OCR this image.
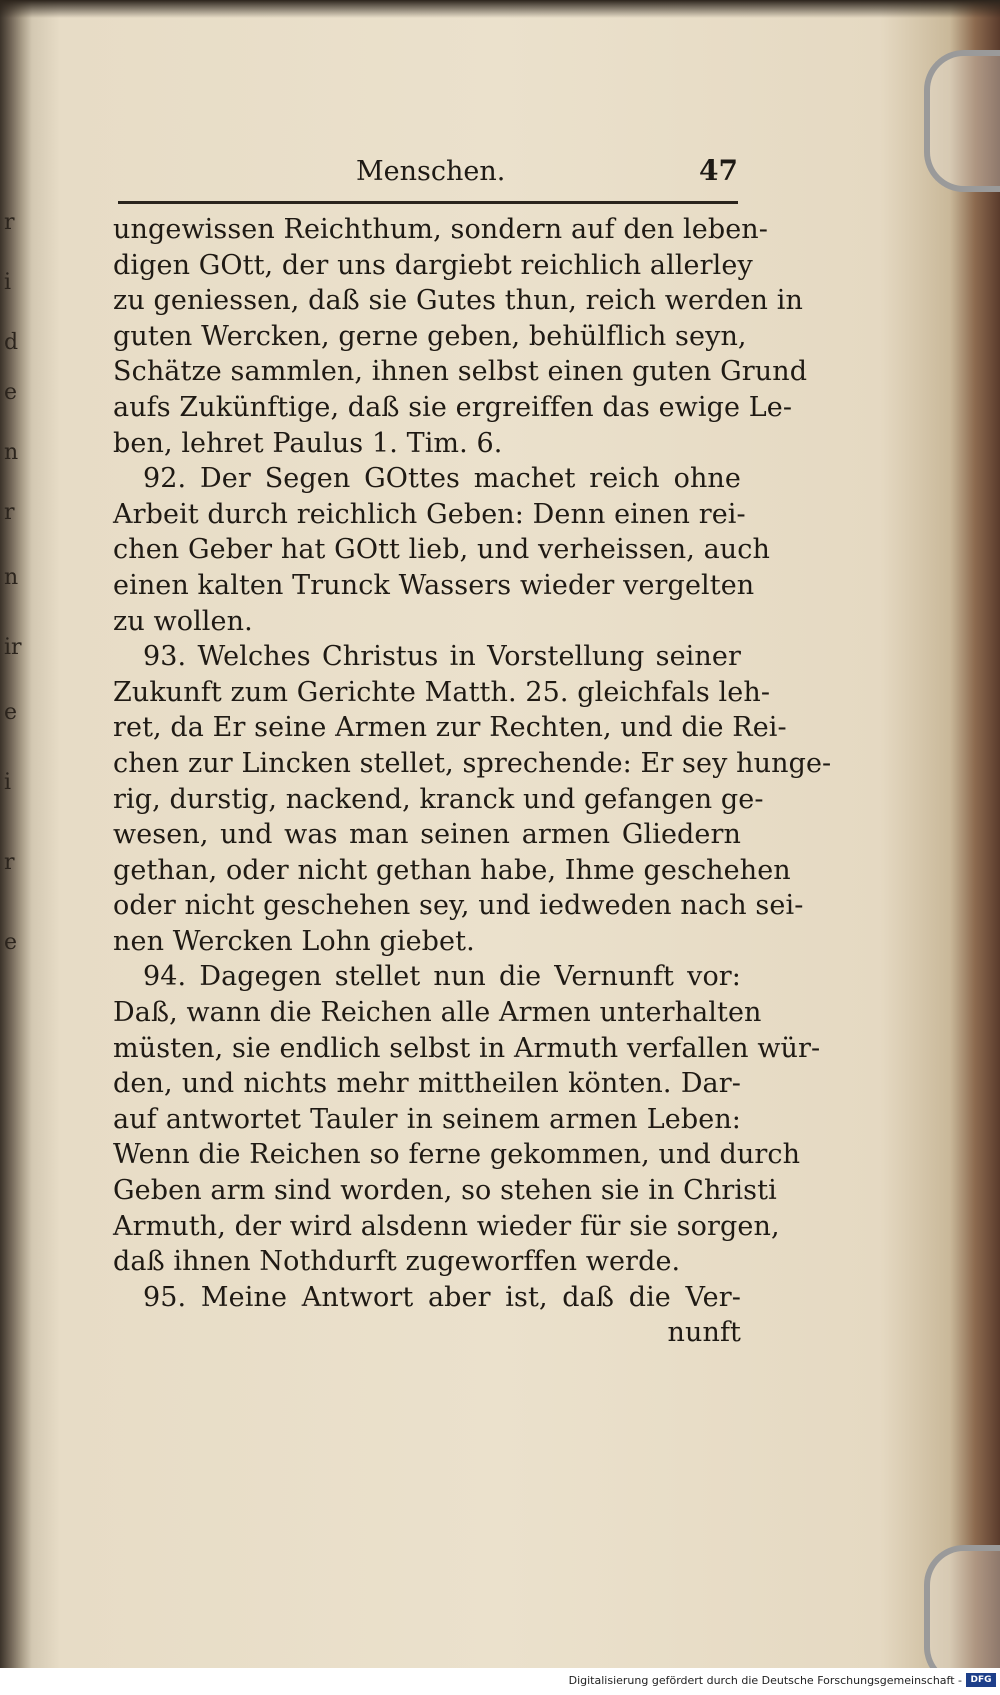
r
i
d
e
n
r
n
ir
e
i
r
e
Menschen.	47
ungewissen Reichthum, sondern auf den leben-
digen GOtt, der uns dargiebt reichlich allerley
zu geniessen, daß sie Gutes thun, reich werden in
guten Wercken, gerne geben, behülflich seyn,
Schätze sammlen, ihnen selbst einen guten Grund
aufs Zukünftige, daß sie ergreiffen das ewige Le-
ben, lehret Paulus 1. Tim. 6.
92. Der Segen GOttes machet reich ohne
Arbeit durch reichlich Geben: Denn einen rei-
chen Geber hat GOtt lieb, und verheissen, auch
einen kalten Trunck Wassers wieder vergelten
zu wollen.
93. Welches Christus in Vorstellung seiner
Zukunft zum Gerichte Matth. 25. gleichfals leh-
ret, da Er seine Armen zur Rechten, und die Rei-
chen zur Lincken stellet, sprechende: Er sey hunge-
rig, durstig, nackend, kranck und gefangen ge-
wesen, und was man seinen armen Gliedern
gethan, oder nicht gethan habe, Ihme geschehen
oder nicht geschehen sey, und iedweden nach sei-
nen Wercken Lohn giebet.
94. Dagegen stellet nun die Vernunft vor:
Daß, wann die Reichen alle Armen unterhalten
müsten, sie endlich selbst in Armuth verfallen wür-
den, und nichts mehr mittheilen könten. Dar-
auf antwortet Tauler in seinem armen Leben:
Wenn die Reichen so ferne gekommen, und durch
Geben arm sind worden, so stehen sie in Christi
Armuth, der wird alsdenn wieder für sie sorgen,
daß ihnen Nothdurft zugeworffen werde.
95. Meine Antwort aber ist, daß die Ver-
nunft
Digitalisierung gefördert durch die Deutsche Forschungsgemeinschaft - DFG
